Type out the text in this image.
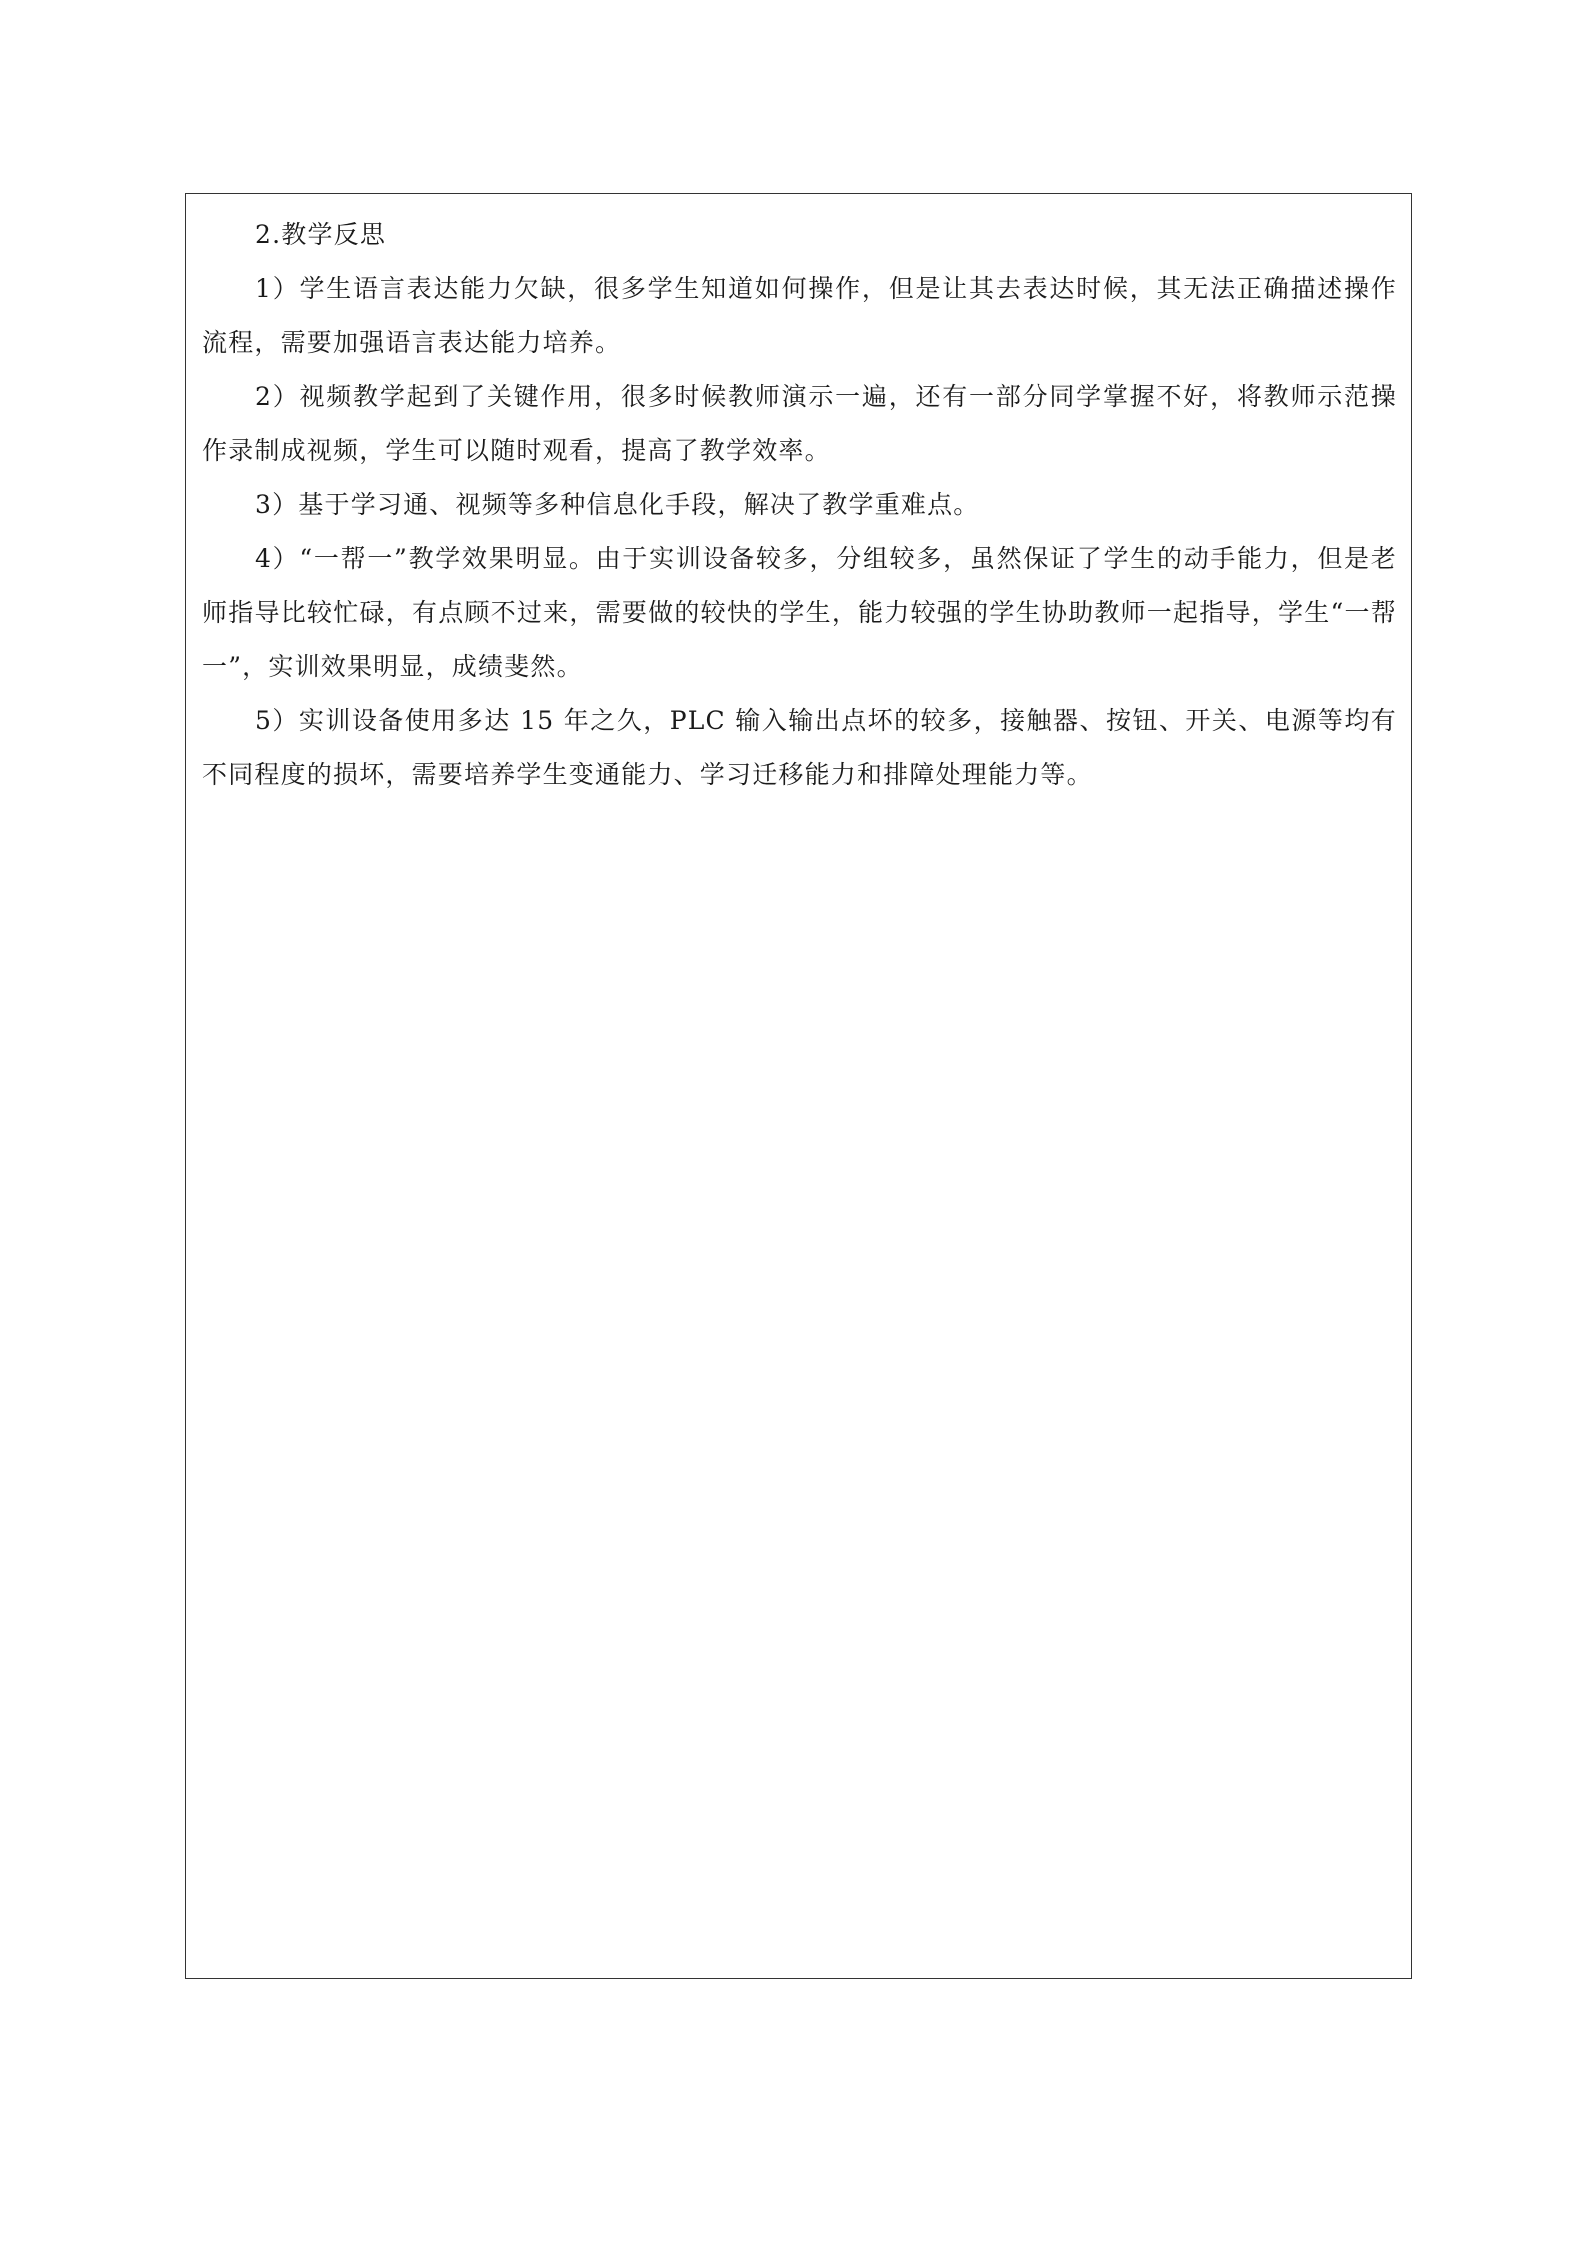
2.教学反思

1）学生语言表达能力欠缺，很多学生知道如何操作，但是让其去表达时候，其无法正确描述操作流程，需要加强语言表达能力培养。

2）视频教学起到了关键作用，很多时候教师演示一遍，还有一部分同学掌握不好，将教师示范操作录制成视频，学生可以随时观看，提高了教学效率。

3）基于学习通、视频等多种信息化手段，解决了教学重难点。

4）“一帮一”教学效果明显。由于实训设备较多，分组较多，虽然保证了学生的动手能力，但是老师指导比较忙碌，有点顾不过来，需要做的较快的学生，能力较强的学生协助教师一起指导，学生“一帮一”，实训效果明显，成绩斐然。

5）实训设备使用多达 15 年之久，PLC 输入输出点坏的较多，接触器、按钮、开关、电源等均有不同程度的损坏，需要培养学生变通能力、学习迁移能力和排障处理能力等。
